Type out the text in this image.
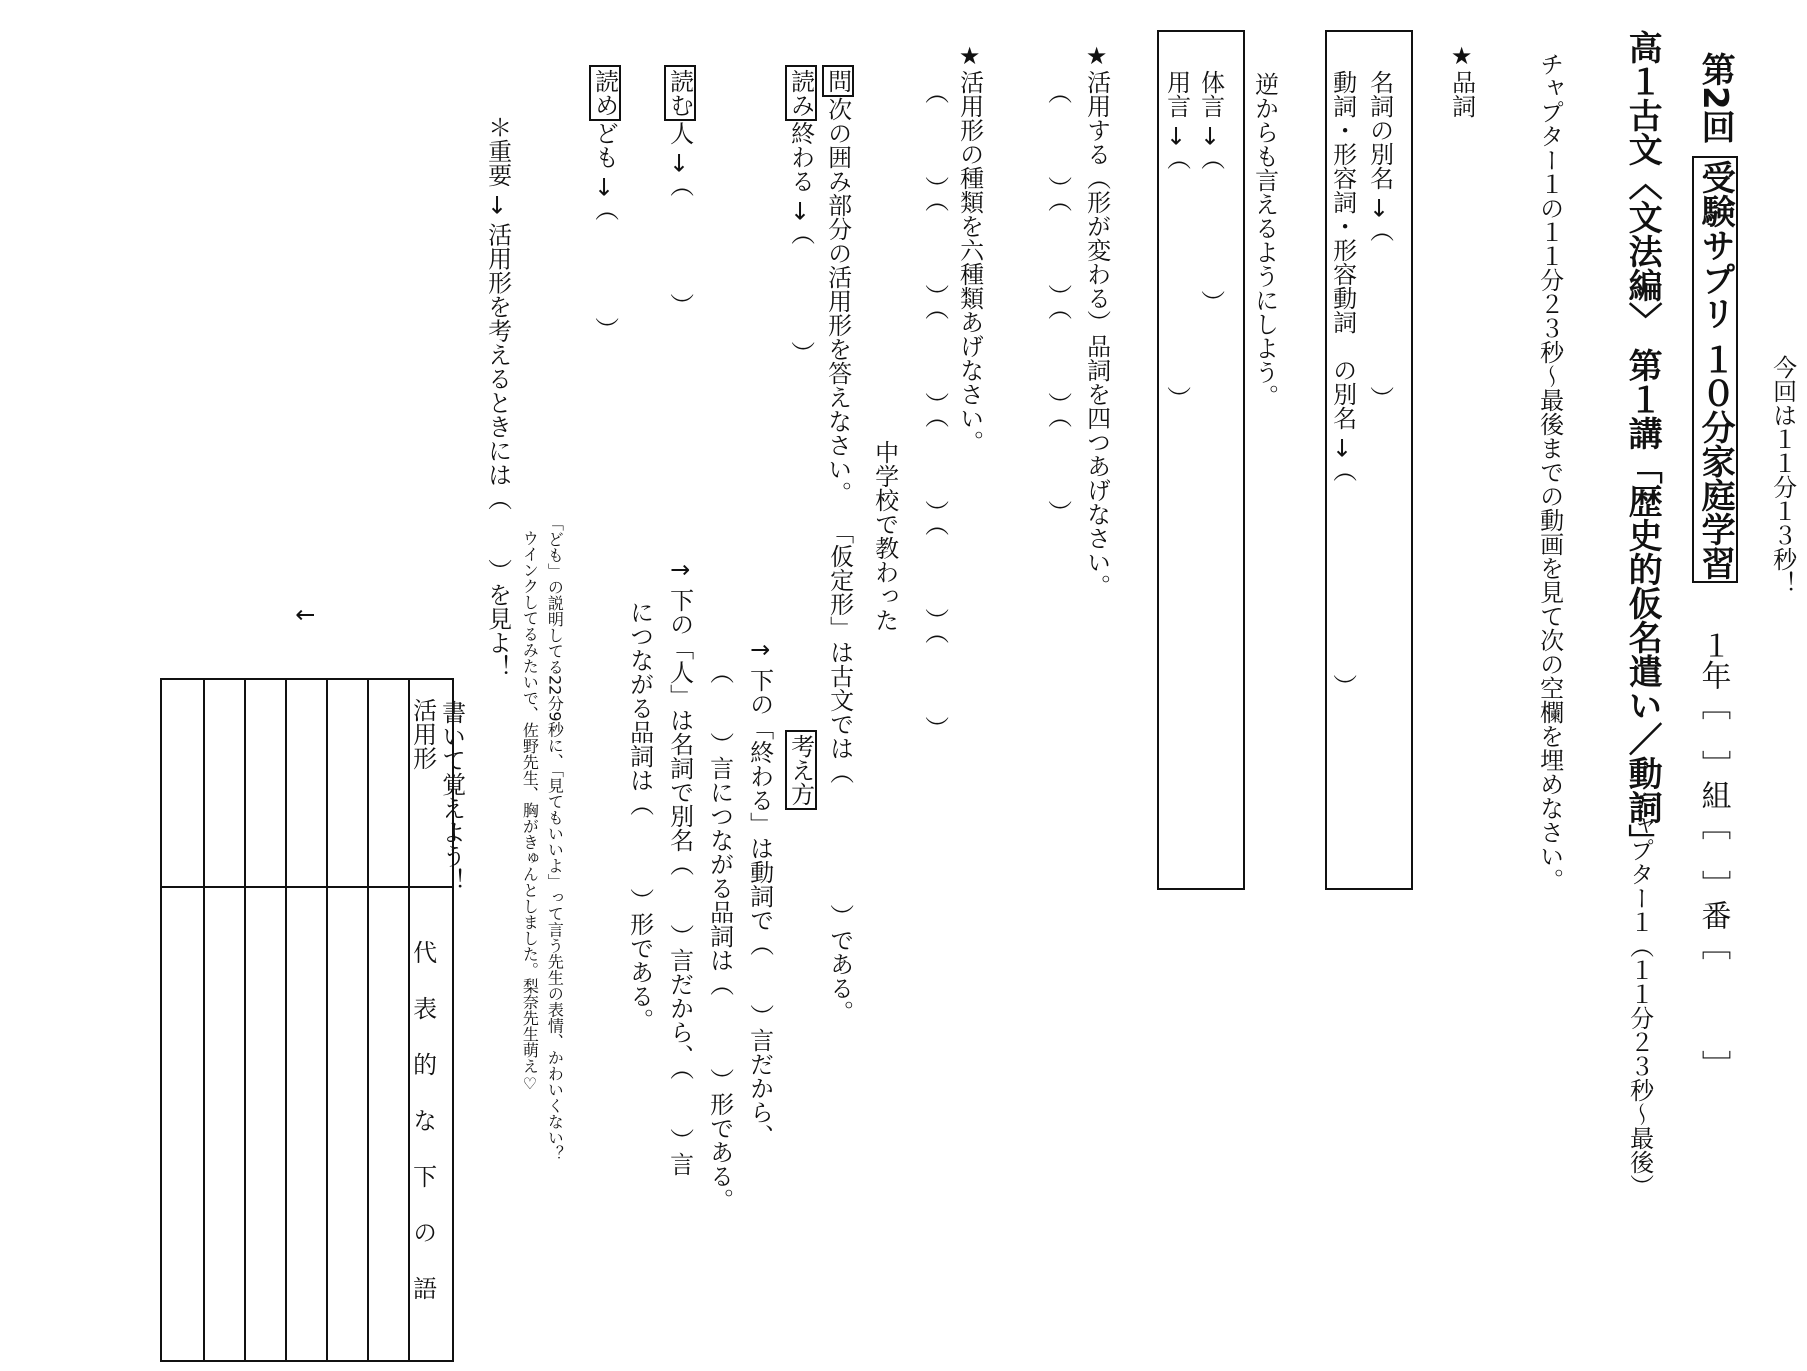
今回は１１分１３秒！
第2回 受験サプリ １０分家庭学習
１年［　］組［　］番［　　　］
高１古文〈文法編〉 第１講「歴史的仮名遣い／動詞」
チャプター１（１１分２３秒～最後）
チャプター１の１１分２３秒～最後までの動画を見て次の空欄を埋めなさい。
★品詞
名詞の別名 →（　　　　　　）
動詞・形容詞・形容動詞　の別名 →（　　　　　　　　）
逆からも言えるようにしよう。
体言 →（　　　　　）
用言 →（　　　　　　　　　）
★活用する（形が変わる）品詞を四つあげなさい。
（　　　）（　　　）（　　　）（　　　）
★活用形の種類を六種類あげなさい。
（　　　）（　　　）（　　　）（　　　）（　　　）（　　　）
中学校で教わった
問次の囲み部分の活用形を答えなさい。
「仮定形」は古文では（　　　　　）である。
読み終わる →（　　　　）
考え方
↑ 下の「終わる」は動詞で（　　）言だから、
（　　）言につながる品詞は（　　　）形である。
読む人 →（　　　　）
↑ 下の「人」は名詞で別名（　　）言だから、（　　）言
につながる品詞は（　　　）形である。
読めども →（　　　　）
「ども」の説明してる22分9秒に、「見てもいいよ」って言う先生の表情、かわいくない？
ウインクしてるみたいで、佐野先生、胸がきゅんとしました。梨奈先生萌え♡
＊重要 → 活用形を考えるときには（　　）を見よ！
書いて覚えよう！
↓
活用形
代表的な下の語
